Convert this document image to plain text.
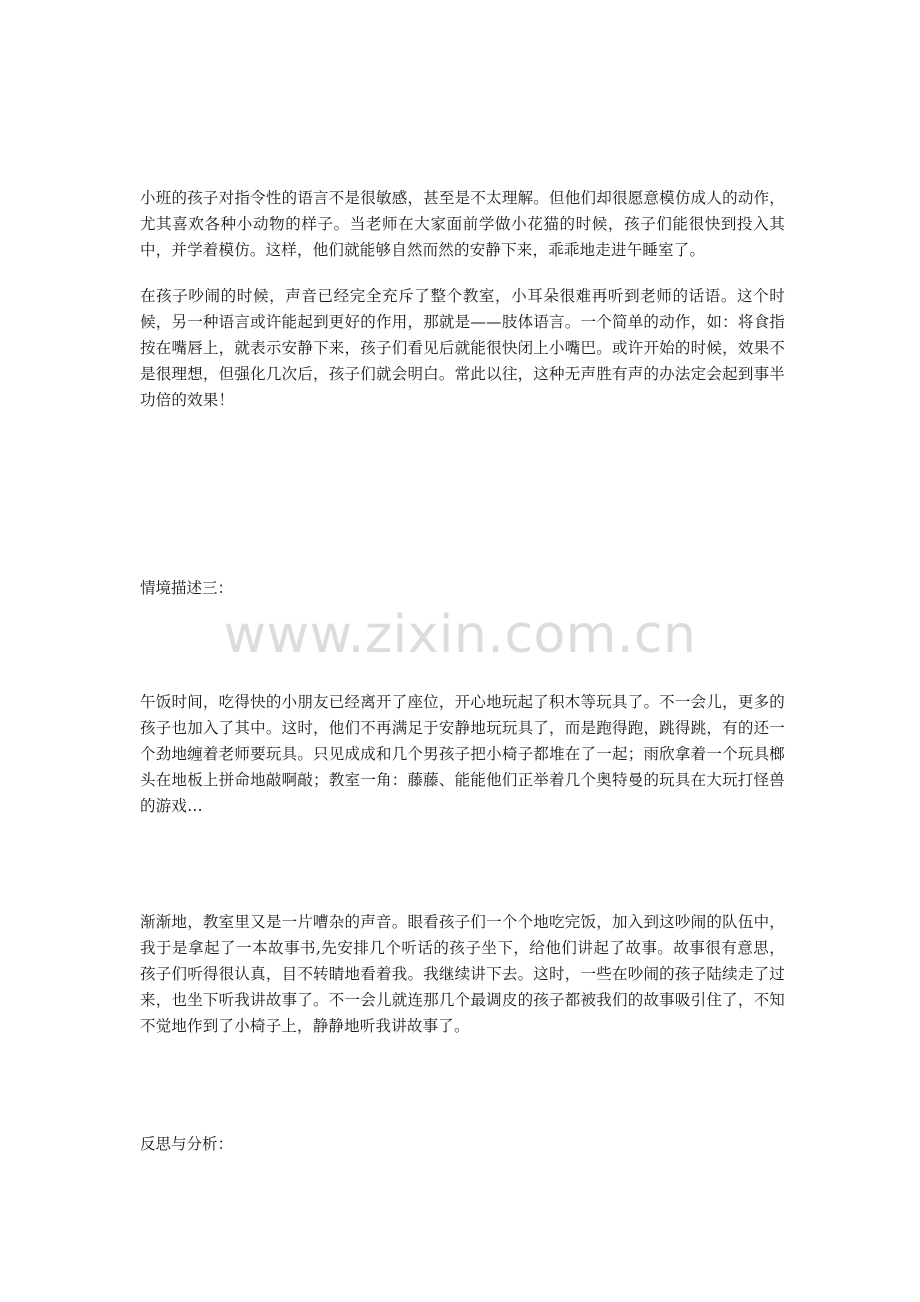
小班的孩子对指令性的语言不是很敏感，甚至是不太理解。但他们却很愿意模仿成人的动作，尤其喜欢各种小动物的样子。当老师在大家面前学做小花猫的时候，孩子们能很快到投入其中，并学着模仿。这样，他们就能够自然而然的安静下来，乖乖地走进午睡室了。

在孩子吵闹的时候，声音已经完全充斥了整个教室，小耳朵很难再听到老师的话语。这个时候，另一种语言或许能起到更好的作用，那就是——肢体语言。一个简单的动作，如：将食指按在嘴唇上，就表示安静下来，孩子们看见后就能很快闭上小嘴巴。或许开始的时候，效果不是很理想，但强化几次后，孩子们就会明白。常此以往，这种无声胜有声的办法定会起到事半功倍的效果！

情境描述三：

www.zixin.com.cn

午饭时间，吃得快的小朋友已经离开了座位，开心地玩起了积木等玩具了。不一会儿，更多的孩子也加入了其中。这时，他们不再满足于安静地玩玩具了，而是跑得跑，跳得跳，有的还一个劲地缠着老师要玩具。只见成成和几个男孩子把小椅子都堆在了一起；雨欣拿着一个玩具榔头在地板上拼命地敲啊敲；教室一角：藤藤、能能他们正举着几个奥特曼的玩具在大玩打怪兽的游戏…

渐渐地，教室里又是一片嘈杂的声音。眼看孩子们一个个地吃完饭，加入到这吵闹的队伍中，我于是拿起了一本故事书,先安排几个听话的孩子坐下，给他们讲起了故事。故事很有意思，孩子们听得很认真，目不转睛地看着我。我继续讲下去。这时，一些在吵闹的孩子陆续走了过来，也坐下听我讲故事了。不一会儿就连那几个最调皮的孩子都被我们的故事吸引住了，不知不觉地作到了小椅子上，静静地听我讲故事了。

反思与分析：
